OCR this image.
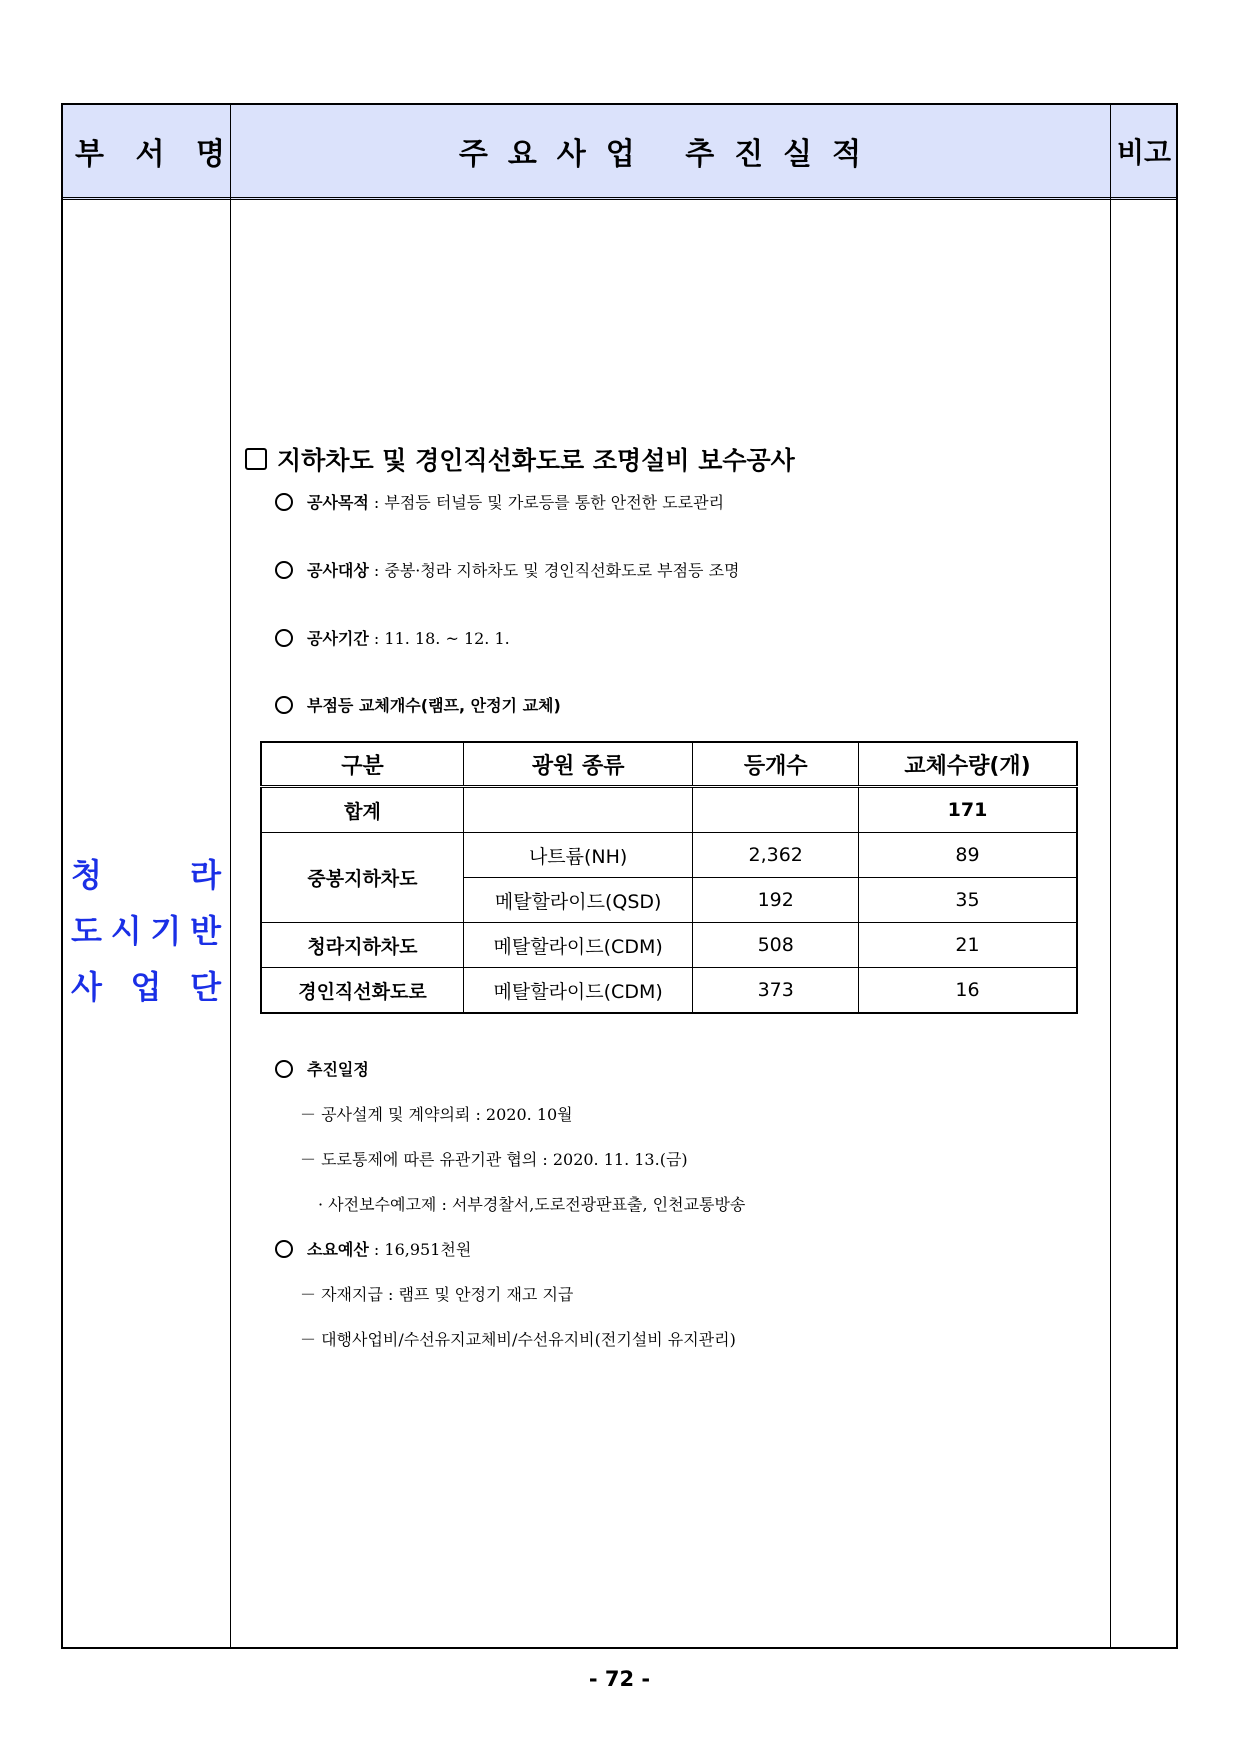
부 서 명	주요사업 추진실적	비고
청	라
도 시 기 반
사 업 단
지하차도 및 경인직선화도로 조명설비 보수공사
공사목적 : 부점등 터널등 및 가로등를 통한 안전한 도로관리
공사대상 : 중봉·청라 지하차도 및 경인직선화도로 부점등 조명
공사기간 : 11. 18. ~ 12. 1.
부점등 교체개수(램프, 안정기 교체)
구분	광원 종류	등개수	교체수량(개)
합계			171
중봉지하차도	나트륨(NH)	2,362	89
	메탈할라이드(QSD)	192	35
청라지하차도	메탈할라이드(CDM)	508	21
경인직선화도로	메탈할라이드(CDM)	373	16
추진일정
－ 공사설계 및 계약의뢰 : 2020. 10월
－ 도로통제에 따른 유관기관 협의 : 2020. 11. 13.(금)
· 사전보수예고제 : 서부경찰서,도로전광판표출, 인천교통방송
소요예산 : 16,951천원
－ 자재지급 : 램프 및 안정기 재고 지급
－ 대행사업비/수선유지교체비/수선유지비(전기설비 유지관리)
- 72 -
